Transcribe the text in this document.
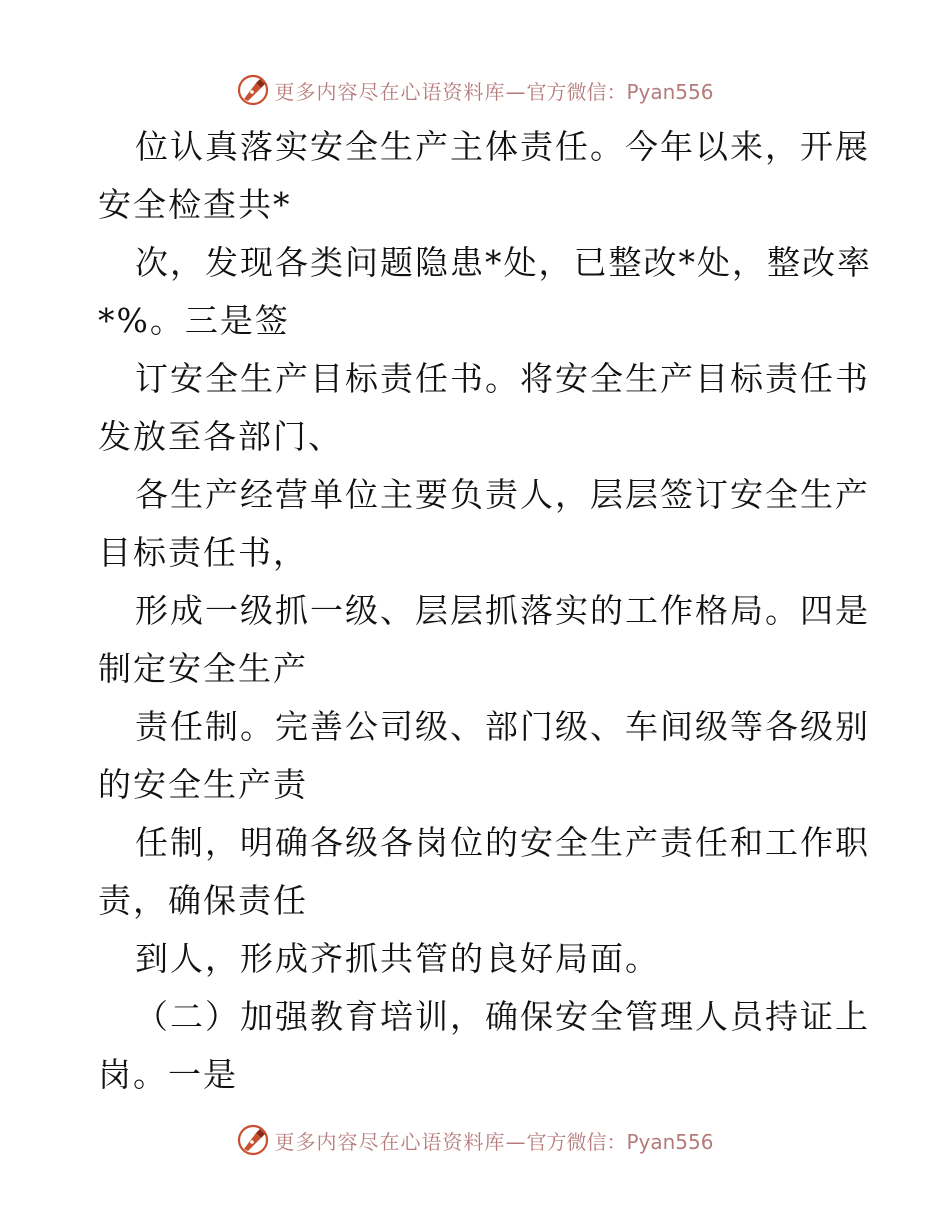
更多内容尽在心语资料库— 官方微信：Pyan556
位认真落实安全生产主体责任。今年以来，开展
安全检查共*
次，发现各类问题隐患*处，已整改*处，整改率
*%。三是签
订安全生产目标责任书。将安全生产目标责任书
发放至各部门、
各生产经营单位主要负责人，层层签订安全生产
目标责任书，
形成一级抓一级、层层抓落实的工作格局。四是
制定安全生产
责任制。完善公司级、部门级、车间级等各级别
的安全生产责
任制，明确各级各岗位的安全生产责任和工作职
责，确保责任
到人，形成齐抓共管的良好局面。
（二）加强教育培训，确保安全管理人员持证上
岗。一是
更多内容尽在心语资料库— 官方微信：Pyan556
